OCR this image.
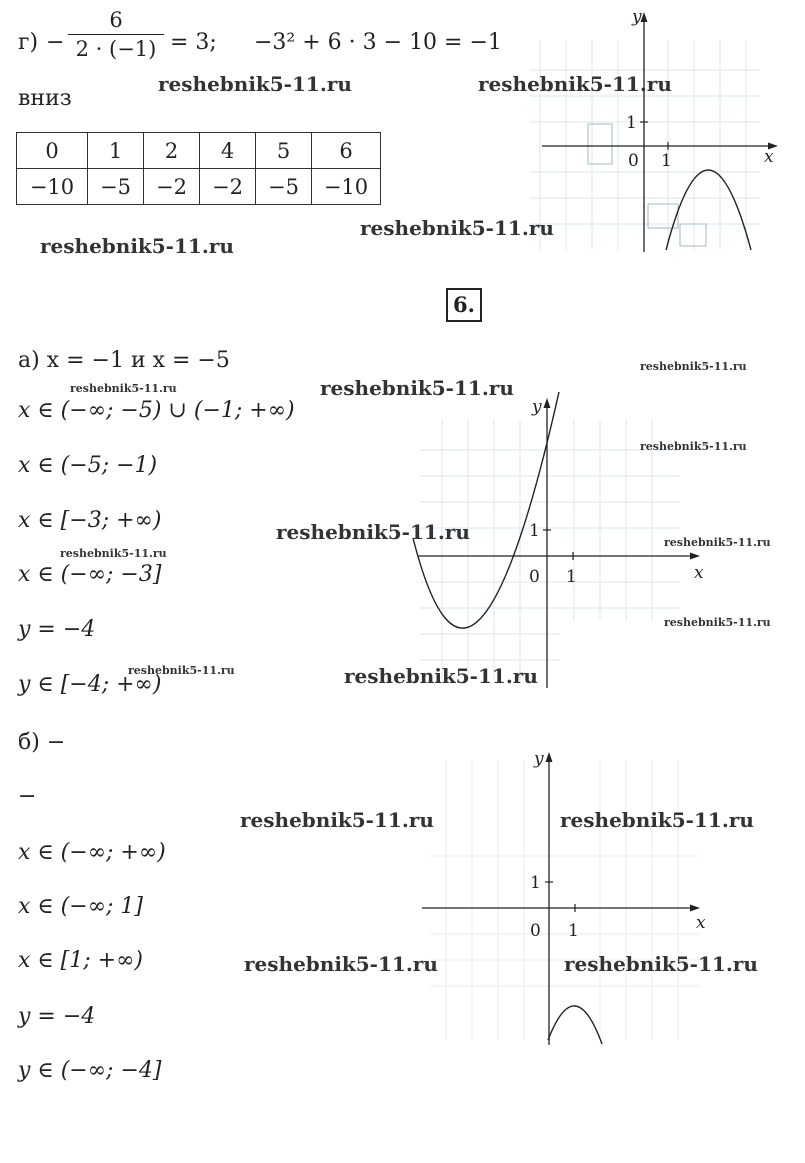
г) −
6
2 · (−1) = 3; −3² + 6 · 3 − 10 = −1
вниз
0	1	2	4	5	6
−10	−5	−2	−2	−5	−10
y
x
0 1
1
reshebnik5-11.ru	reshebnik5-11.ru
reshebnik5-11.ru
reshebnik5-11.ru
6.
а) x = −1 и x = −5
x ∈ (−∞; −5) ∪ (−1; +∞)
x ∈ (−5; −1)
x ∈ [−3; +∞)
x ∈ (−∞; −3]
y = −4
y ∈ [−4; +∞)
y
x
0 1
1
reshebnik5-11.ru	reshebnik5-11.ru
reshebnik5-11.ru
reshebnik5-11.ru
reshebnik5-11.ru
reshebnik5-11.ru
reshebnik5-11.ru
reshebnik5-11.ru
reshebnik5-11.ru	reshebnik5-11.ru
б) −
−
x ∈ (−∞; +∞)
x ∈ (−∞; 1]
x ∈ [1; +∞)
y = −4
y ∈ (−∞; −4]
y
x
0 1
1
reshebnik5-11.ru	reshebnik5-11.ru
reshebnik5-11.ru	reshebnik5-11.ru
